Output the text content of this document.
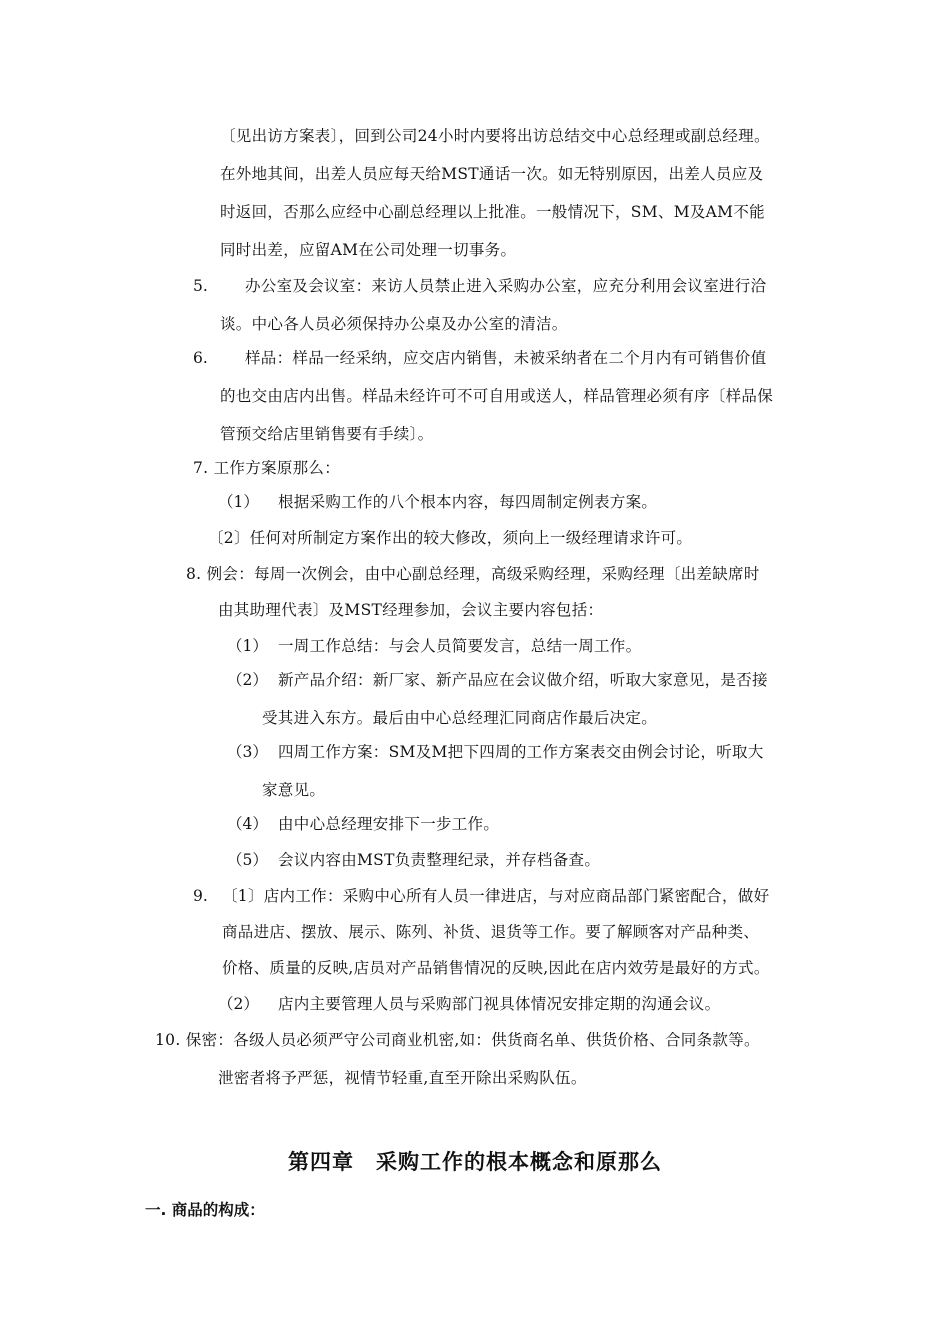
〔见出访方案表〕，回到公司24小时内要将出访总结交中心总经理或副总经理。
在外地其间，出差人员应每天给MST通话一次。如无特别原因，出差人员应及
时返回，否那么应经中心副总经理以上批准。一般情况下，SM、M及AM不能
同时出差，应留AM在公司处理一切事务。
5. 办公室及会议室：来访人员禁止进入采购办公室，应充分利用会议室进行洽
谈。中心各人员必须保持办公桌及办公室的清洁。
6. 样品：样品一经采纳，应交店内销售，未被采纳者在二个月内有可销售价值
的也交由店内出售。样品未经许可不可自用或送人，样品管理必须有序〔样品保
管预交给店里销售要有手续〕。
7. 工作方案原那么：
（1） 根据采购工作的八个根本内容，每四周制定例表方案。
〔2〕任何对所制定方案作出的较大修改，须向上一级经理请求许可。
8. 例会：每周一次例会，由中心副总经理，高级采购经理，采购经理〔出差缺席时
由其助理代表〕及MST经理参加，会议主要内容包括：
（1） 一周工作总结：与会人员简要发言，总结一周工作。
（2） 新产品介绍：新厂家、新产品应在会议做介绍，听取大家意见，是否接
受其进入东方。最后由中心总经理汇同商店作最后决定。
（3） 四周工作方案：SM及M把下四周的工作方案表交由例会讨论，听取大
家意见。
（4） 由中心总经理安排下一步工作。
（5） 会议内容由MST负责整理纪录，并存档备查。
9. 〔1〕店内工作：采购中心所有人员一律进店，与对应商品部门紧密配合，做好
商品进店、摆放、展示、陈列、补货、退货等工作。要了解顾客对产品种类、
价格、质量的反映,店员对产品销售情况的反映,因此在店内效劳是最好的方式。
（2） 店内主要管理人员与采购部门视具体情况安排定期的沟通会议。
10. 保密：各级人员必须严守公司商业机密,如：供货商名单、供货价格、合同条款等。
泄密者将予严惩，视情节轻重,直至开除出采购队伍。
第四章　采购工作的根本概念和原那么
一. 商品的构成：
